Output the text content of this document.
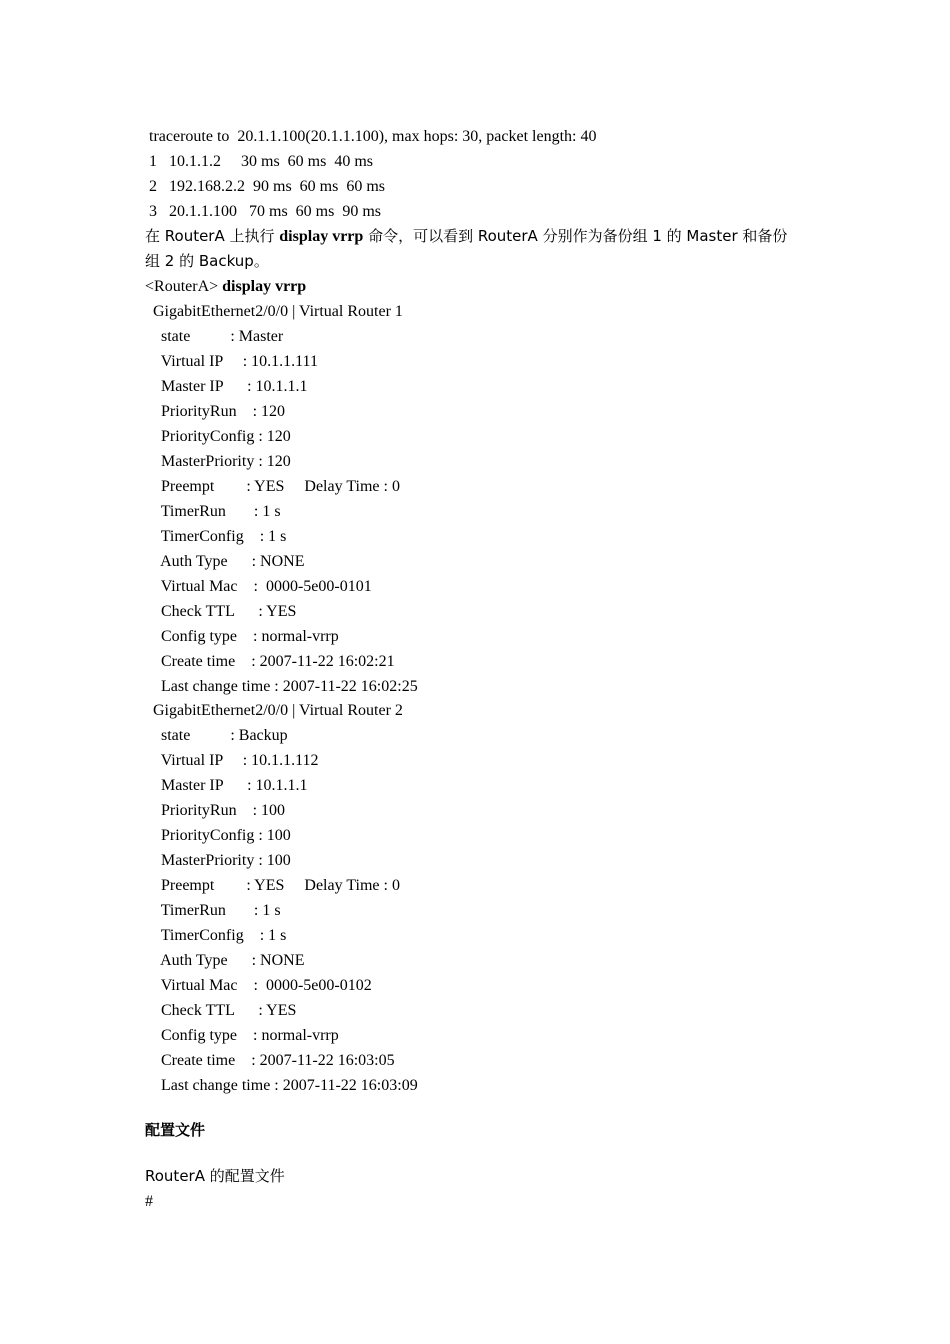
traceroute to  20.1.1.100(20.1.1.100), max hops: 30, packet length: 40
1   10.1.1.2     30 ms  60 ms  40 ms
2   192.168.2.2  90 ms  60 ms  60 ms
3   20.1.1.100   70 ms  60 ms  90 ms
在 RouterA 上执行 display vrrp 命令，可以看到 RouterA 分别作为备份组 1 的 Master 和备份
组 2 的 Backup。
<RouterA> display vrrp
GigabitEthernet2/0/0 | Virtual Router 1
state          : Master
Virtual IP     : 10.1.1.111
Master IP      : 10.1.1.1
PriorityRun    : 120
PriorityConfig : 120
MasterPriority : 120
Preempt        : YES     Delay Time : 0
TimerRun       : 1 s
TimerConfig    : 1 s
Auth Type      : NONE
Virtual Mac    :  0000-5e00-0101
Check TTL      : YES
Config type    : normal-vrrp
Create time    : 2007-11-22 16:02:21
Last change time : 2007-11-22 16:02:25
GigabitEthernet2/0/0 | Virtual Router 2
state          : Backup
Virtual IP     : 10.1.1.112
Master IP      : 10.1.1.1
PriorityRun    : 100
PriorityConfig : 100
MasterPriority : 100
Preempt        : YES     Delay Time : 0
TimerRun       : 1 s
TimerConfig    : 1 s
Auth Type      : NONE
Virtual Mac    :  0000-5e00-0102
Check TTL      : YES
Config type    : normal-vrrp
Create time    : 2007-11-22 16:03:05
Last change time : 2007-11-22 16:03:09
配置文件
RouterA 的配置文件
#
